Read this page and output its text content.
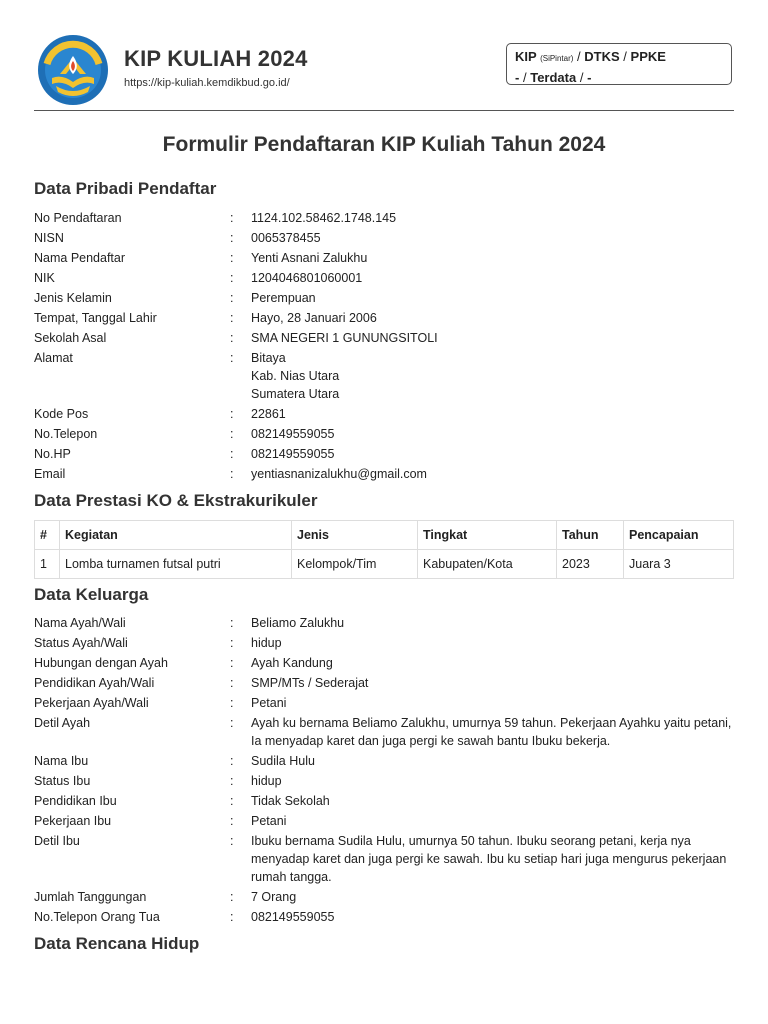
KIP KULIAH 2024
https://kip-kuliah.kemdikbud.go.id/
KIP (SiPintar) / DTKS / PPKE
- / Terdata / -
Formulir Pendaftaran KIP Kuliah Tahun 2024
Data Pribadi Pendaftar
No Pendaftaran	:	1124.102.58462.1748.145
NISN	:	0065378455
Nama Pendaftar	:	Yenti Asnani Zalukhu
NIK	:	1204046801060001
Jenis Kelamin	:	Perempuan
Tempat, Tanggal Lahir	:	Hayo, 28 Januari 2006
Sekolah Asal	:	SMA NEGERI 1 GUNUNGSITOLI
Alamat	:	Bitaya
Kab. Nias Utara
Sumatera Utara
Kode Pos	:	22861
No.Telepon	:	082149559055
No.HP	:	082149559055
Email	:	yentiasnanizalukhu@gmail.com
Data Prestasi KO & Ekstrakurikuler
#	Kegiatan	Jenis	Tingkat	Tahun	Pencapaian
1	Lomba turnamen futsal putri	Kelompok/Tim	Kabupaten/Kota	2023	Juara 3
Data Keluarga
Nama Ayah/Wali	:	Beliamo Zalukhu
Status Ayah/Wali	:	hidup
Hubungan dengan Ayah	:	Ayah Kandung
Pendidikan Ayah/Wali	:	SMP/MTs / Sederajat
Pekerjaan Ayah/Wali	:	Petani
Detil Ayah	:	Ayah ku bernama Beliamo Zalukhu, umurnya 59 tahun. Pekerjaan Ayahku yaitu petani, Ia menyadap karet dan juga pergi ke sawah bantu Ibuku bekerja.
Nama Ibu	:	Sudila Hulu
Status Ibu	:	hidup
Pendidikan Ibu	:	Tidak Sekolah
Pekerjaan Ibu	:	Petani
Detil Ibu	:	Ibuku bernama Sudila Hulu, umurnya 50 tahun. Ibuku seorang petani, kerja nya menyadap karet dan juga pergi ke sawah. Ibu ku setiap hari juga mengurus pekerjaan rumah tangga.
Jumlah Tanggungan	:	7 Orang
No.Telepon Orang Tua	:	082149559055
Data Rencana Hidup
